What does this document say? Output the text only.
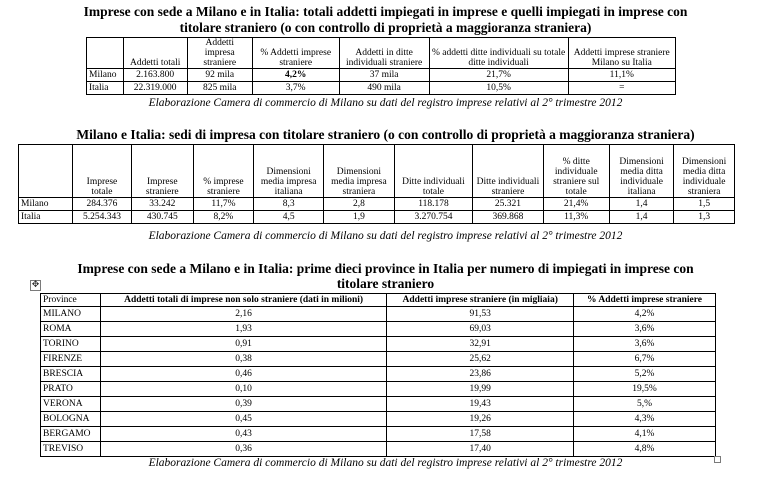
Imprese con sede a Milano e in Italia: totali addetti impiegati in imprese e quelli impiegati in imprese con
titolare straniero (o con controllo di proprietà a maggioranza straniera)
	Addetti totali	Addetti impresa straniere	% Addetti imprese straniere	Addetti in ditte individuali straniere	% addetti ditte individuali su totale ditte individuali	Addetti imprese straniere Milano su Italia
Milano	2.163.800	92 mila	4,2%	37 mila	21,7%	11,1%
Italia	22.319.000	825 mila	3,7%	490 mila	10,5%	=
Elaborazione Camera di commercio di Milano su dati del registro imprese relativi al 2° trimestre 2012
Milano e Italia: sedi di impresa con titolare straniero (o con controllo di proprietà a maggioranza straniera)
	Imprese totale	Imprese straniere	% imprese straniere	Dimensioni media impresa italiana	Dimensioni media impresa straniera	Ditte individuali totale	Ditte individuali straniere	% ditte individuale straniere sul totale	Dimensioni media ditta individuale italiana	Dimensioni media ditta individuale straniera
Milano	284.376	33.242	11,7%	8,3	2,8	118.178	25.321	21,4%	1,4	1,5
Italia	5.254.343	430.745	8,2%	4,5	1,9	3.270.754	369.868	11,3%	1,4	1,3
Elaborazione Camera di commercio di Milano su dati del registro imprese relativi al 2° trimestre 2012
Imprese con sede a Milano e in Italia: prime dieci province in Italia per numero di impiegati in imprese con
titolare straniero
✥
Province	Addetti totali di imprese non solo straniere (dati in milioni)	Addetti imprese straniere (in migliaia)	% Addetti imprese straniere
MILANO	2,16	91,53	4,2%
ROMA	1,93	69,03	3,6%
TORINO	0,91	32,91	3,6%
FIRENZE	0,38	25,62	6,7%
BRESCIA	0,46	23,86	5,2%
PRATO	0,10	19,99	19,5%
VERONA	0,39	19,43	5,%
BOLOGNA	0,45	19,26	4,3%
BERGAMO	0,43	17,58	4,1%
TREVISO	0,36	17,40	4,8%
Elaborazione Camera di commercio di Milano su dati del registro imprese relativi al 2° trimestre 2012
